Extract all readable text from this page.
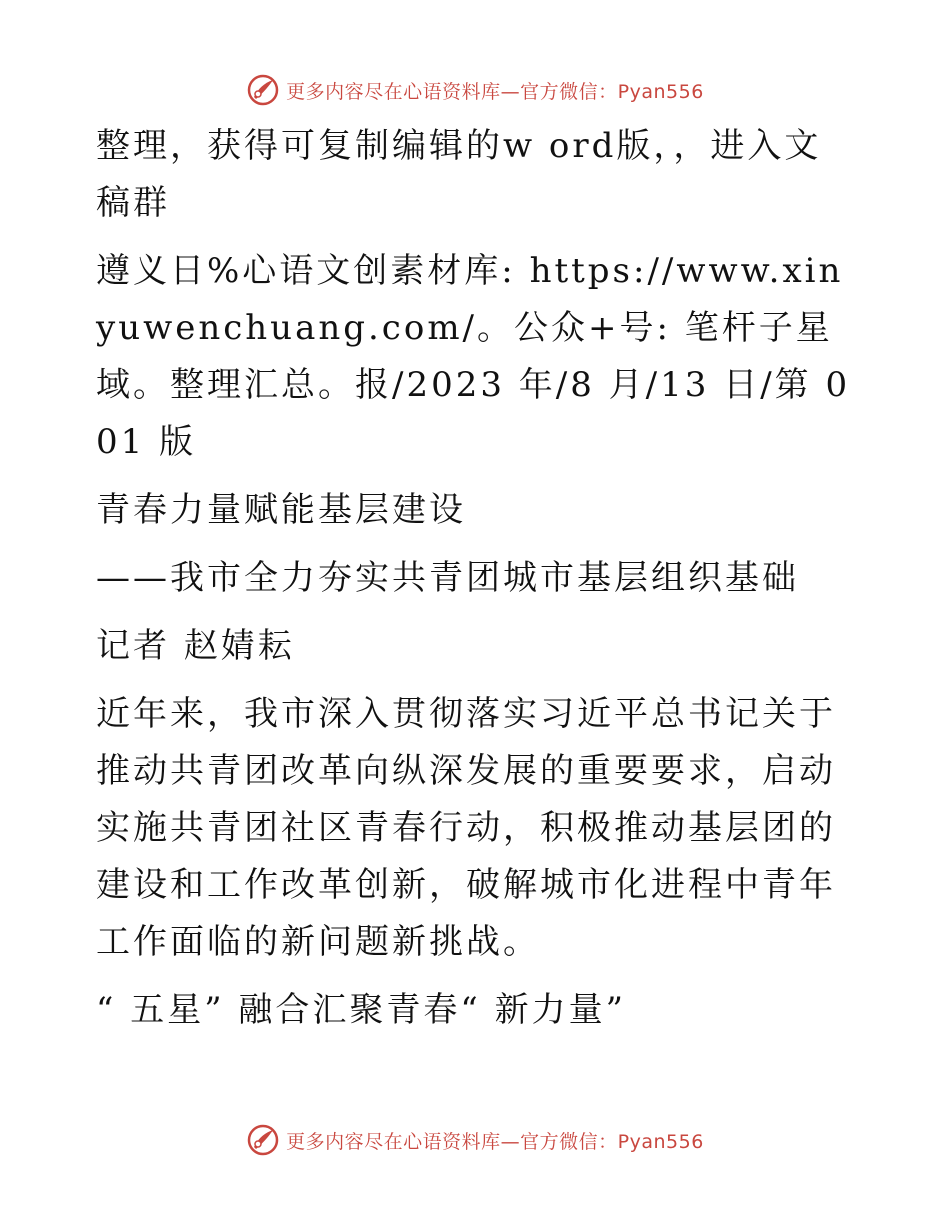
更多内容尽在心语资料库—官方微信：Pyan556

整理，获得可复制编辑的w ord版，，进入文稿群

遵义日%心语文创素材库: https://www.xinyuwenchuang.com/。公众+号: 笔杆子星域。整理汇总。报/2023 年/8 月/13 日/第 001 版

青春力量赋能基层建设

——我市全力夯实共青团城市基层组织基础

记者 赵婧耘

近年来，我市深入贯彻落实习近平总书记关于推动共青团改革向纵深发展的重要要求，启动实施共青团社区青春行动，积极推动基层团的建设和工作改革创新，破解城市化进程中青年工作面临的新问题新挑战。

“ 五星” 融合汇聚青春“ 新力量”

更多内容尽在心语资料库—官方微信：Pyan556
